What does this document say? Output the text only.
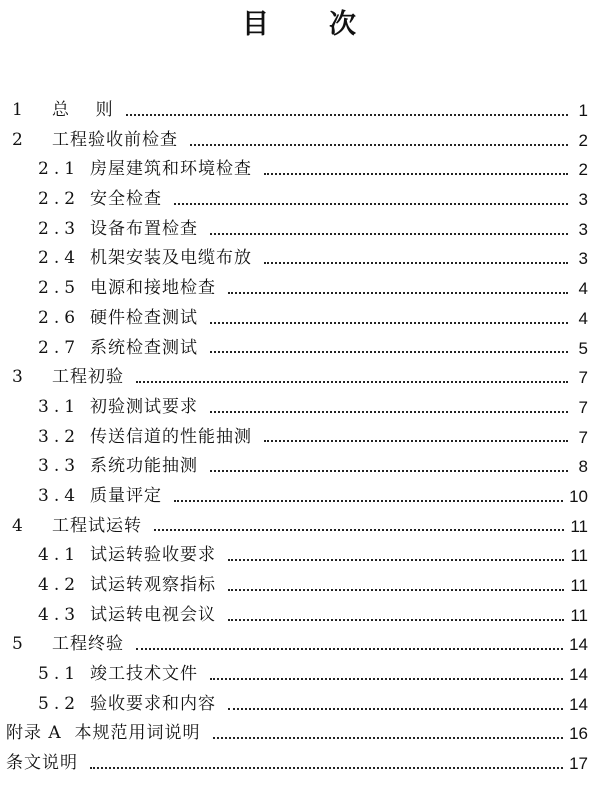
目 次
1	总    则	1
2	工程验收前检查	2
2.1 房屋建筑和环境检查	2
2.2 安全检查	3
2.3 设备布置检查	3
2.4 机架安装及电缆布放	3
2.5 电源和接地检查	4
2.6 硬件检查测试	4
2.7 系统检查测试	5
3	工程初验	7
3.1 初验测试要求	7
3.2 传送信道的性能抽测	7
3.3 系统功能抽测	8
3.4 质量评定	10
4	工程试运转	11
4.1 试运转验收要求	11
4.2 试运转观察指标	11
4.3 试运转电视会议	11
5	工程终验	14
5.1 竣工技术文件	14
5.2 验收要求和内容	14
附录 A  本规范用词说明	16
条文说明	17
